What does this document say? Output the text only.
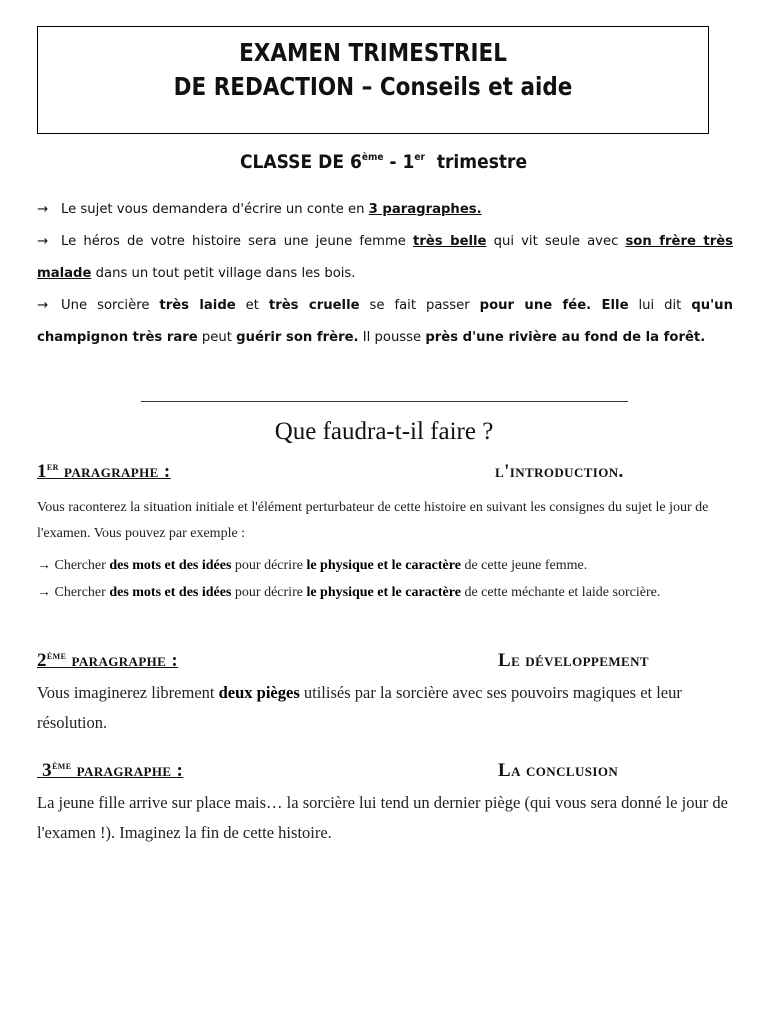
EXAMEN TRIMESTRIEL
DE REDACTION – Conseils et aide
CLASSE DE 6ème - 1er trimestre

→ Le sujet vous demandera d'écrire un conte en 3 paragraphes.

→ Le héros de votre histoire sera une jeune femme très belle qui vit seule avec son frère très malade dans un tout petit village dans les bois.

→ Une sorcière très laide et très cruelle se fait passer pour une fée. Elle lui dit qu'un champignon très rare peut guérir son frère. Il pousse près d'une rivière au fond de la forêt.

Que faudra-t-il faire ?
1er paragraphe :	l'introduction.

Vous raconterez la situation initiale et l'élément perturbateur de cette histoire en suivant les consignes du sujet le jour de l'examen. Vous pouvez par exemple :

→ Chercher des mots et des idées pour décrire le physique et le caractère de cette jeune femme.

→ Chercher des mots et des idées pour décrire le physique et le caractère de cette méchante et laide sorcière.

2ème paragraphe :	Le développement

Vous imaginerez librement deux pièges utilisés par la sorcière avec ses pouvoirs magiques et leur résolution.

3ème paragraphe :	La conclusion

La jeune fille arrive sur place mais… la sorcière lui tend un dernier piège (qui vous sera donné le jour de l'examen !). Imaginez la fin de cette histoire.
